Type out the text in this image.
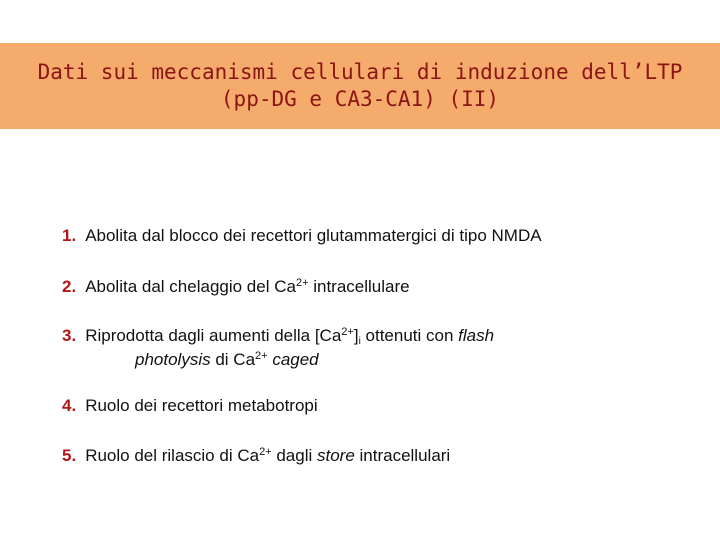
Dati sui meccanismi cellulari di induzione dell’LTP
(pp-DG e CA3-CA1) (II)
1. Abolita dal blocco dei recettori glutammatergici di tipo NMDA
2. Abolita dal chelaggio del $Ca^{2+}$ intracellulare
3. Riprodotta dagli aumenti della $[Ca^{2+}]_i$ ottenuti con flash
photolysis di $Ca^{2+}$ caged
4. Ruolo dei recettori metabotropi
5. Ruolo del rilascio di $Ca^{2+}$ dagli store intracellulari
